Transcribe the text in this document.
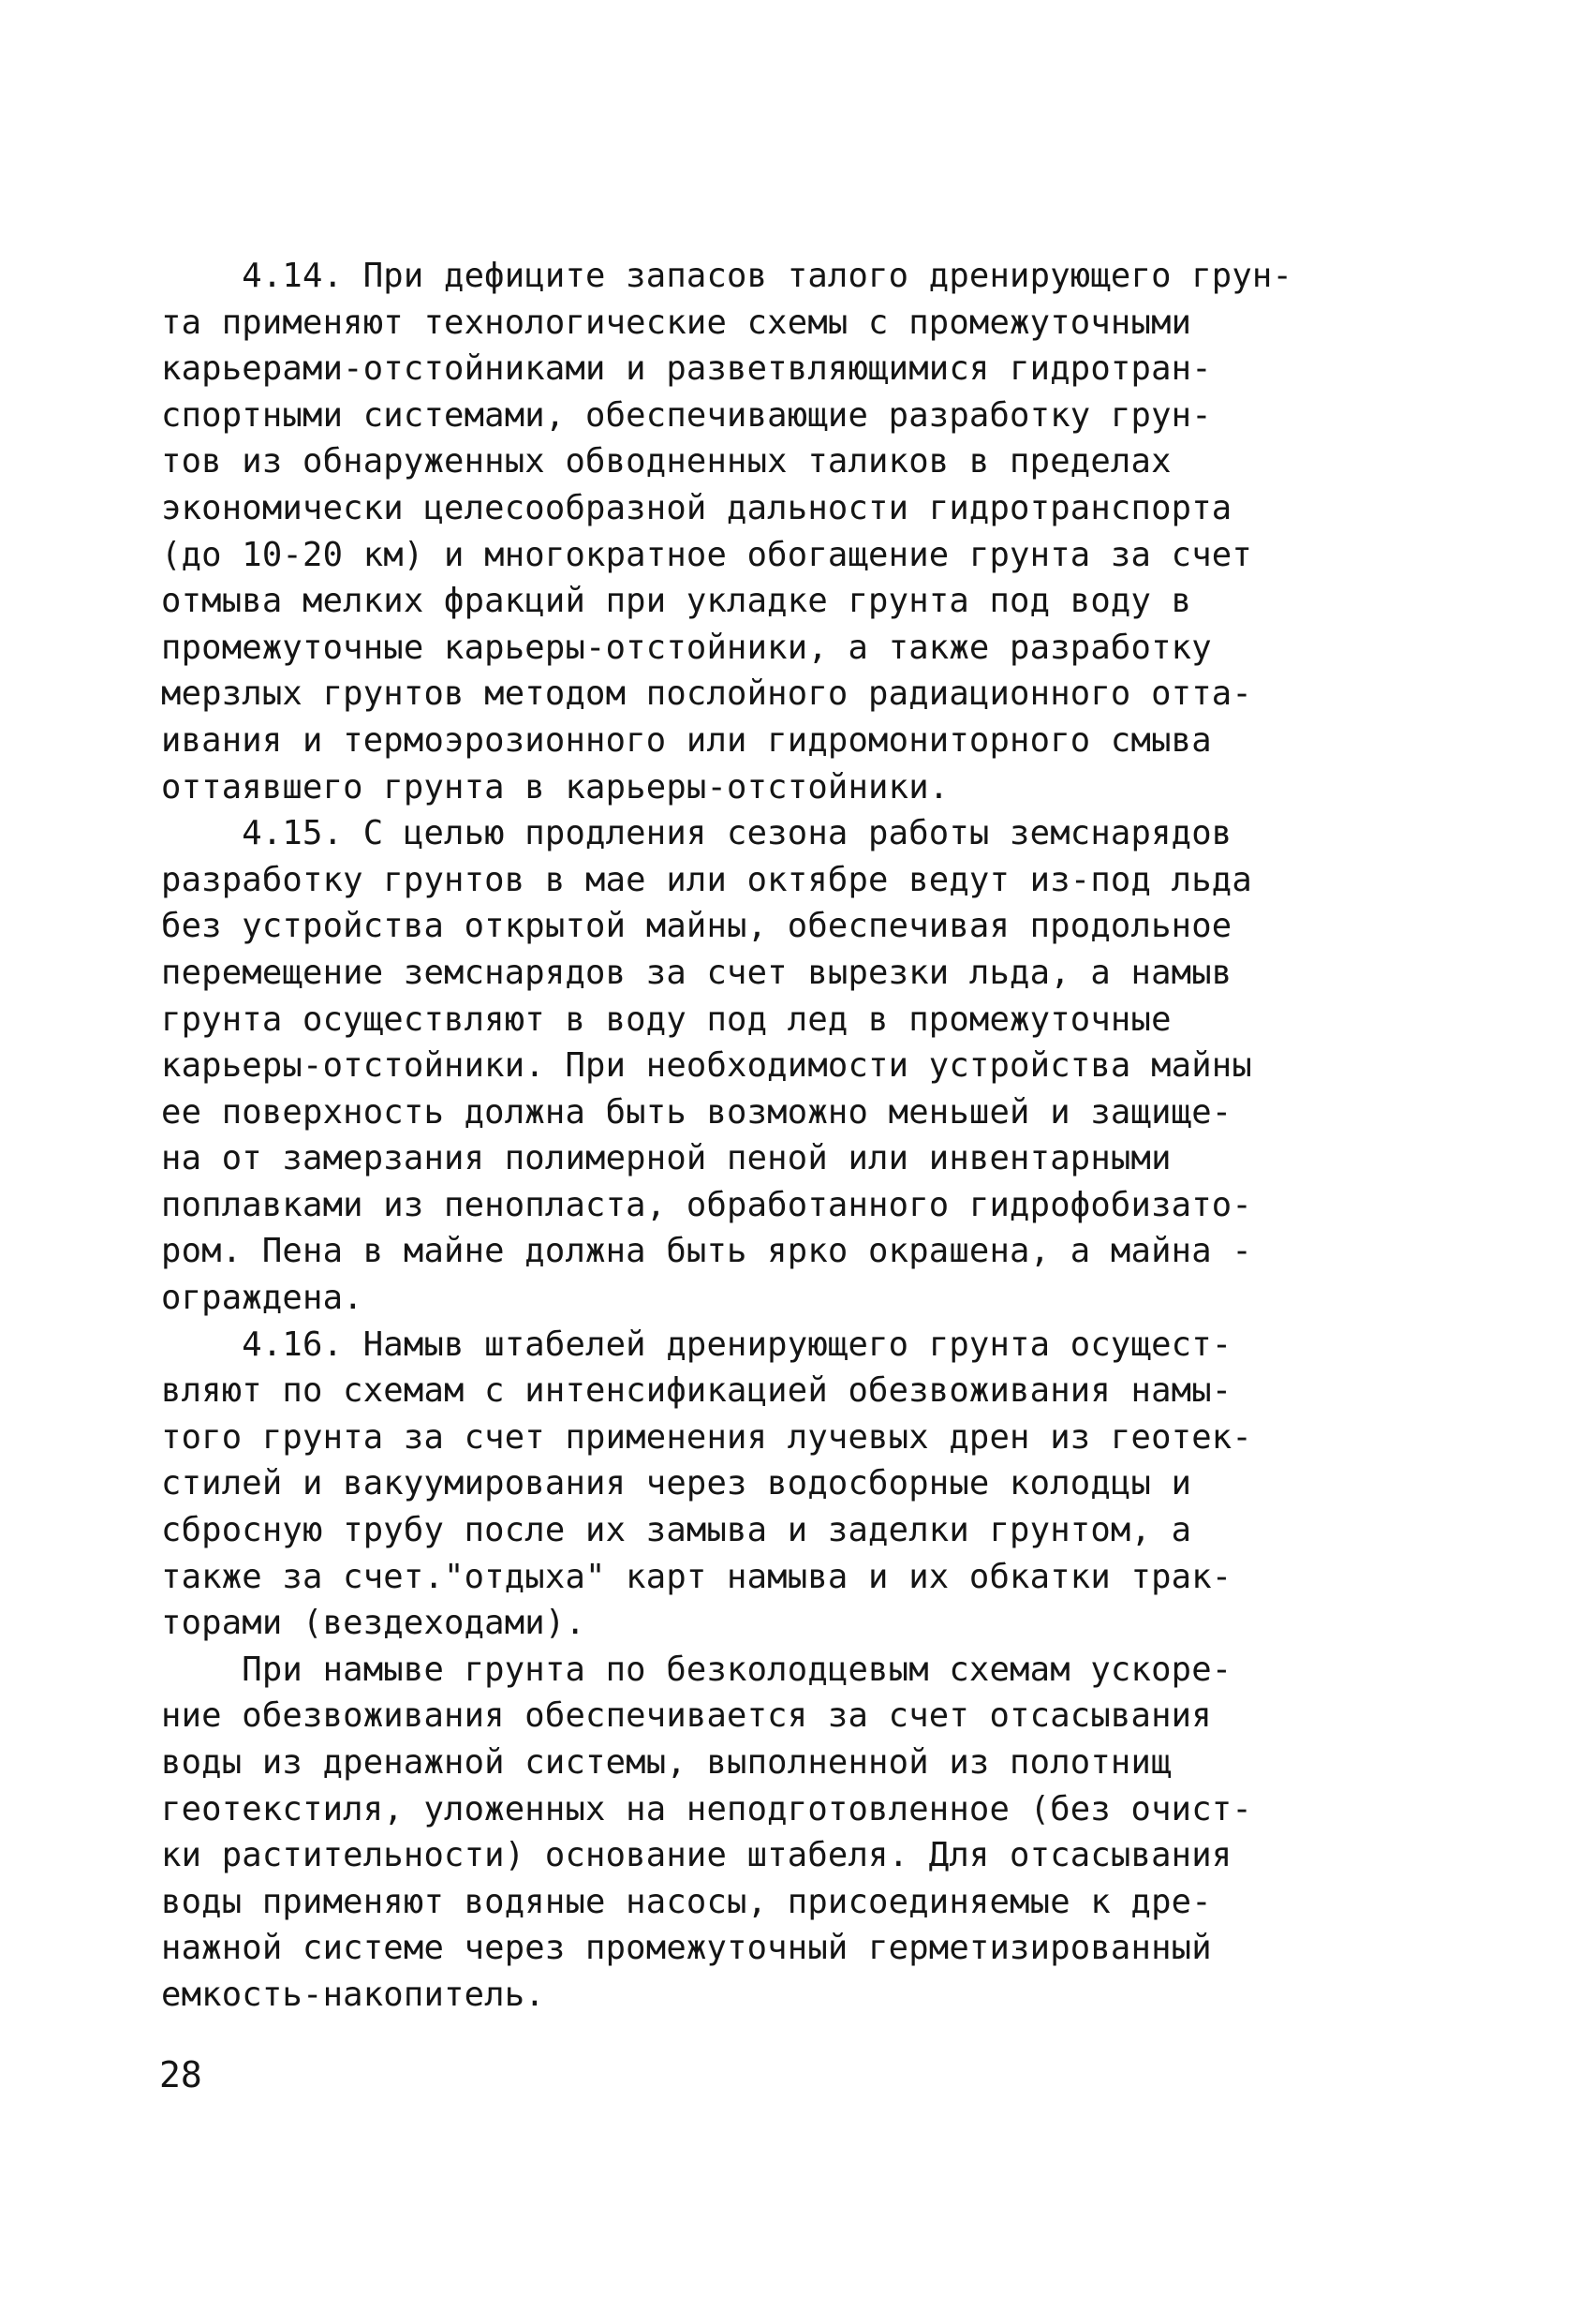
4.14. При дефиците запасов талого дренирующего грун-
та применяют технологические схемы с промежуточными
карьерами-отстойниками и разветвляющимися гидротран-
спортными системами, обеспечивающие разработку грун-
тов из обнаруженных обводненных таликов в пределах
экономически целесообразной дальности гидротранспорта
(до 10-20 км) и многократное обогащение грунта за счет
отмыва мелких фракций при укладке грунта под воду в
промежуточные карьеры-отстойники, а также разработку
мерзлых грунтов методом послойного радиационного отта-
ивания и термоэрозионного или гидромониторного смыва
оттаявшего грунта в карьеры-отстойники.
4.15. С целью продления сезона работы земснарядов
разработку грунтов в мае или октябре ведут из-под льда
без устройства открытой майны, обеспечивая продольное
перемещение земснарядов за счет вырезки льда, а намыв
грунта осуществляют в воду под лед в промежуточные
карьеры-отстойники. При необходимости устройства майны
ее поверхность должна быть возможно меньшей и защище-
на от замерзания полимерной пеной или инвентарными
поплавками из пенопласта, обработанного гидрофобизато-
ром. Пена в майне должна быть ярко окрашена, а майна -
ограждена.
4.16. Намыв штабелей дренирующего грунта осущест-
вляют по схемам с интенсификацией обезвоживания намы-
того грунта за счет применения лучевых дрен из геотек-
стилей и вакуумирования через водосборные колодцы и
сбросную трубу после их замыва и заделки грунтом, а
также за счет."отдыха" карт намыва и их обкатки трак-
торами (вездеходами).
При намыве грунта по безколодцевым схемам ускоре-
ние обезвоживания обеспечивается за счет отсасывания
воды из дренажной системы, выполненной из полотнищ
геотекстиля, уложенных на неподготовленное (без очист-
ки растительности) основание штабеля. Для отсасывания
воды применяют водяные насосы, присоединяемые к дре-
нажной системе через промежуточный герметизированный
емкость-накопитель.
28
